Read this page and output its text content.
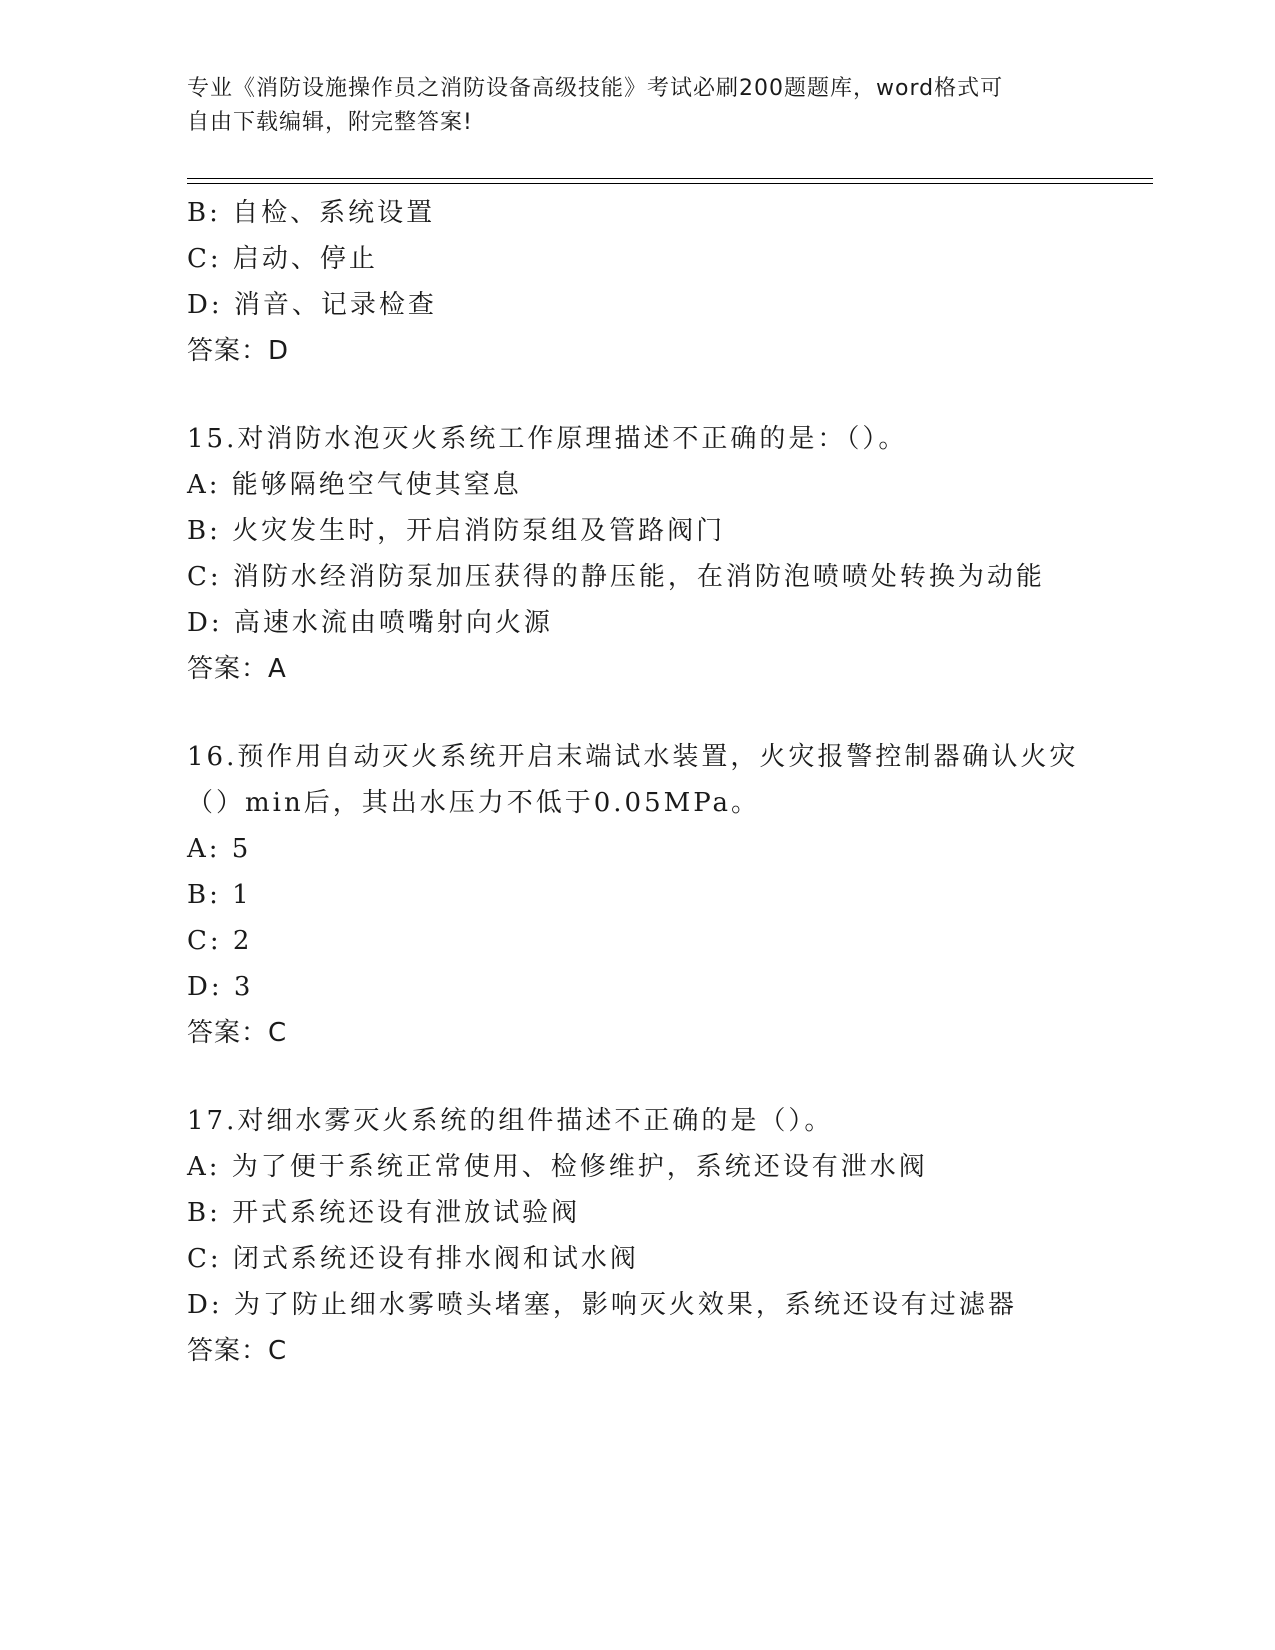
专业《消防设施操作员之消防设备高级技能》考试必刷200题题库，word格式可
自由下载编辑，附完整答案!
B: 自检、系统设置
C: 启动、停止
D: 消音、记录检查
答案：D
15.对消防水泡灭火系统工作原理描述不正确的是：（）。
A: 能够隔绝空气使其窒息
B: 火灾发生时，开启消防泵组及管路阀门
C: 消防水经消防泵加压获得的静压能，在消防泡喷喷处转换为动能
D: 高速水流由喷嘴射向火源
答案：A
16.预作用自动灭火系统开启末端试水装置，火灾报警控制器确认火灾
（）min后，其出水压力不低于0.05MPa。
A: 5
B: 1
C: 2
D: 3
答案：C
17.对细水雾灭火系统的组件描述不正确的是（）。
A: 为了便于系统正常使用、检修维护，系统还设有泄水阀
B: 开式系统还设有泄放试验阀
C: 闭式系统还设有排水阀和试水阀
D: 为了防止细水雾喷头堵塞，影响灭火效果，系统还设有过滤器
答案：C
